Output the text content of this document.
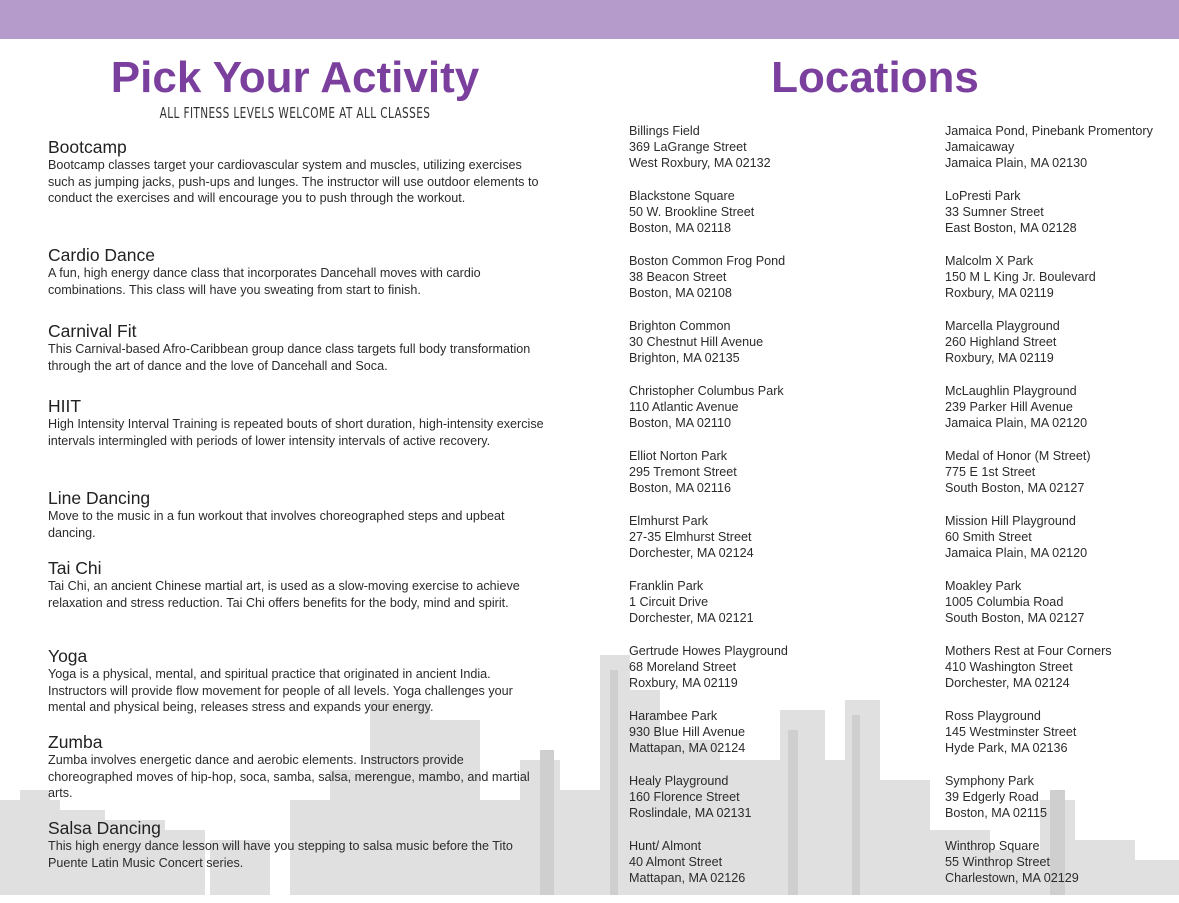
Pick Your Activity
ALL FITNESS LEVELS WELCOME AT ALL CLASSES
Bootcamp
Bootcamp classes target your cardiovascular system and muscles, utilizing exercises such as jumping jacks, push-ups and lunges. The instructor will use outdoor elements to conduct the exercises and will encourage you to push through the workout.
Cardio Dance
A fun, high energy dance class that incorporates Dancehall moves with cardio combinations. This class will have you sweating from start to finish.
Carnival Fit
This Carnival-based Afro-Caribbean group dance class targets full body transformation through the art of dance and the love of Dancehall and Soca.
HIIT
High Intensity Interval Training is repeated bouts of short duration, high-intensity exercise intervals intermingled with periods of lower intensity intervals of active recovery.
Line Dancing
Move to the music in a fun workout that involves choreographed steps and upbeat dancing.
Tai Chi
Tai Chi, an ancient Chinese martial art, is used as a slow-moving exercise to achieve relaxation and stress reduction. Tai Chi offers benefits for the body, mind and spirit.
Yoga
Yoga is a physical, mental, and spiritual practice that originated in ancient India. Instructors will provide flow movement for people of all levels. Yoga challenges your mental and physical being, releases stress and expands your energy.
Zumba
Zumba involves energetic dance and aerobic elements. Instructors provide choreographed moves of hip-hop, soca, samba, salsa, merengue, mambo, and martial arts.
Salsa Dancing
This high energy dance lesson will have you stepping to salsa music before the Tito Puente Latin Music Concert series.
Locations
Billings Field
369 LaGrange Street
West Roxbury, MA 02132
Blackstone Square
50 W. Brookline Street
Boston, MA 02118
Boston Common Frog Pond
38 Beacon Street
Boston, MA 02108
Brighton Common
30 Chestnut Hill Avenue
Brighton, MA 02135
Christopher Columbus Park
110 Atlantic Avenue
Boston, MA 02110
Elliot Norton Park
295 Tremont Street
Boston, MA 02116
Elmhurst Park
27-35 Elmhurst Street
Dorchester, MA 02124
Franklin Park
1 Circuit Drive
Dorchester, MA 02121
Gertrude Howes Playground
68 Moreland Street
Roxbury, MA 02119
Harambee Park
930 Blue Hill Avenue
Mattapan, MA 02124
Healy Playground
160 Florence Street
Roslindale, MA 02131
Hunt/ Almont
40 Almont Street
Mattapan, MA 02126
Jamaica Pond, Pinebank Promentory
Jamaicaway
Jamaica Plain, MA 02130
LoPresti Park
33 Sumner Street
East Boston, MA 02128
Malcolm X Park
150 M L King Jr. Boulevard
Roxbury, MA 02119
Marcella Playground
260 Highland Street
Roxbury, MA 02119
McLaughlin Playground
239 Parker Hill Avenue
Jamaica Plain, MA 02120
Medal of Honor (M Street)
775 E 1st Street
South Boston, MA 02127
Mission Hill Playground
60 Smith Street
Jamaica Plain, MA 02120
Moakley Park
1005 Columbia Road
South Boston, MA 02127
Mothers Rest at Four Corners
410 Washington Street
Dorchester, MA 02124
Ross Playground
145 Westminster Street
Hyde Park, MA 02136
Symphony Park
39 Edgerly Road
Boston, MA 02115
Winthrop Square
55 Winthrop Street
Charlestown, MA 02129
